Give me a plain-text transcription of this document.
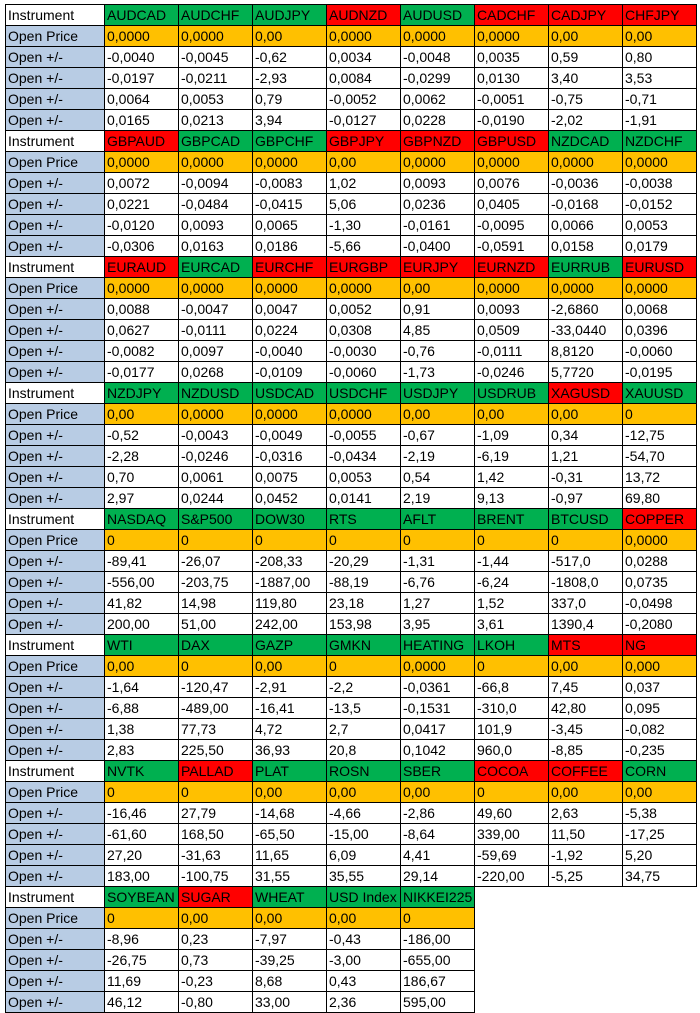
Instrument	AUDCAD	AUDCHF	AUDJPY	AUDNZD	AUDUSD	CADCHF	CADJPY	CHFJPY
Open Price	0,0000	0,0000	0,00	0,0000	0,0000	0,0000	0,00	0,00
Open +/-	-0,0040	-0,0045	-0,62	0,0034	-0,0048	0,0035	0,59	0,80
Open +/-	-0,0197	-0,0211	-2,93	0,0084	-0,0299	0,0130	3,40	3,53
Open +/-	0,0064	0,0053	0,79	-0,0052	0,0062	-0,0051	-0,75	-0,71
Open +/-	0,0165	0,0213	3,94	-0,0127	0,0228	-0,0190	-2,02	-1,91
Instrument	GBPAUD	GBPCAD	GBPCHF	GBPJPY	GBPNZD	GBPUSD	NZDCAD	NZDCHF
Open Price	0,0000	0,0000	0,0000	0,00	0,0000	0,0000	0,0000	0,0000
Open +/-	0,0072	-0,0094	-0,0083	1,02	0,0093	0,0076	-0,0036	-0,0038
Open +/-	0,0221	-0,0484	-0,0415	5,06	0,0236	0,0405	-0,0168	-0,0152
Open +/-	-0,0120	0,0093	0,0065	-1,30	-0,0161	-0,0095	0,0066	0,0053
Open +/-	-0,0306	0,0163	0,0186	-5,66	-0,0400	-0,0591	0,0158	0,0179
Instrument	EURAUD	EURCAD	EURCHF	EURGBP	EURJPY	EURNZD	EURRUB	EURUSD
Open Price	0,0000	0,0000	0,0000	0,0000	0,00	0,0000	0,0000	0,0000
Open +/-	0,0088	-0,0047	0,0047	0,0052	0,91	0,0093	-2,6860	0,0068
Open +/-	0,0627	-0,0111	0,0224	0,0308	4,85	0,0509	-33,0440	0,0396
Open +/-	-0,0082	0,0097	-0,0040	-0,0030	-0,76	-0,0111	8,8120	-0,0060
Open +/-	-0,0177	0,0268	-0,0109	-0,0060	-1,73	-0,0246	5,7720	-0,0195
Instrument	NZDJPY	NZDUSD	USDCAD	USDCHF	USDJPY	USDRUB	XAGUSD	XAUUSD
Open Price	0,00	0,0000	0,0000	0,0000	0,00	0,00	0,00	0
Open +/-	-0,52	-0,0043	-0,0049	-0,0055	-0,67	-1,09	0,34	-12,75
Open +/-	-2,28	-0,0246	-0,0316	-0,0434	-2,19	-6,19	1,21	-54,70
Open +/-	0,70	0,0061	0,0075	0,0053	0,54	1,42	-0,31	13,72
Open +/-	2,97	0,0244	0,0452	0,0141	2,19	9,13	-0,97	69,80
Instrument	NASDAQ	S&P500	DOW30	RTS	AFLT	BRENT	BTCUSD	COPPER
Open Price	0	0	0	0	0	0	0	0,0000
Open +/-	-89,41	-26,07	-208,33	-20,29	-1,31	-1,44	-517,0	0,0288
Open +/-	-556,00	-203,75	-1887,00	-88,19	-6,76	-6,24	-1808,0	0,0735
Open +/-	41,82	14,98	119,80	23,18	1,27	1,52	337,0	-0,0498
Open +/-	200,00	51,00	242,00	153,98	3,95	3,61	1390,4	-0,2080
Instrument	WTI	DAX	GAZP	GMKN	HEATING	LKOH	MTS	NG
Open Price	0,00	0	0,00	0	0,0000	0	0,00	0,000
Open +/-	-1,64	-120,47	-2,91	-2,2	-0,0361	-66,8	7,45	0,037
Open +/-	-6,88	-489,00	-16,41	-13,5	-0,1531	-310,0	42,80	0,095
Open +/-	1,38	77,73	4,72	2,7	0,0417	101,9	-3,45	-0,082
Open +/-	2,83	225,50	36,93	20,8	0,1042	960,0	-8,85	-0,235
Instrument	NVTK	PALLAD	PLAT	ROSN	SBER	COCOA	COFFEE	CORN
Open Price	0	0	0,00	0,00	0,00	0	0,00	0,00
Open +/-	-16,46	27,79	-14,68	-4,66	-2,86	49,60	2,63	-5,38
Open +/-	-61,60	168,50	-65,50	-15,00	-8,64	339,00	11,50	-17,25
Open +/-	27,20	-31,63	11,65	6,09	4,41	-59,69	-1,92	5,20
Open +/-	183,00	-100,75	31,55	35,55	29,14	-220,00	-5,25	34,75
Instrument	SOYBEAN	SUGAR	WHEAT	USD Index	NIKKEI225			
Open Price	0	0,00	0,00	0,00	0			
Open +/-	-8,96	0,23	-7,97	-0,43	-186,00			
Open +/-	-26,75	0,73	-39,25	-3,00	-655,00			
Open +/-	11,69	-0,23	8,68	0,43	186,67			
Open +/-	46,12	-0,80	33,00	2,36	595,00			
